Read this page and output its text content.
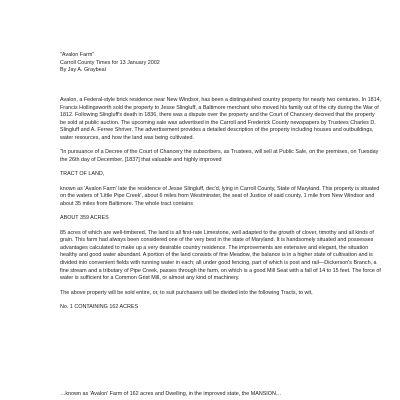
"Avalon Farm"
Carroll County Times for 13 January 2002
By Jay A. Graybeal

Avalon, a Federal-style brick residence near New Windsor, has been a distinguished country property for nearly two centuries. In 1814, Francis Hollingsworth sold the property to Jesse Slingluff, a Baltimore merchant who moved his family out of the city during the War of 1812. Following Slingluff's death in 1836, there was a dispute over the property and the Court of Chancery decreed that the property be sold at public auction. The upcoming sale was advertised in the Carroll and Frederick County newspapers by Trustees Charles D. Slingluff and A. Ferree Shriver. The advertisement provides a detailed description of the property including houses and outbuildings, water resources, and how the land was being cultivated.

"In pursuance of a Decree of the Court of Chancery the subscribers, as Trustees, will sell at Public Sale, on the premises, on Tuesday the 26th day of December, [1837] that valuable and highly improved

TRACT OF LAND,

known as 'Avalon Farm' late the residence of Jesse Slingluff, dec'd, lying in Carroll County, State of Maryland. This property is situated on the waters of 'Little Pipe Creek', about 6 miles from Westminster, the seat of Justice of said county, 1 mile from New Windsor and about 35 miles from Baltimore. The whole tract contains

ABOUT 359 ACRES

85 acres of which are well-timbered. The land is all first-rate Limestone, well adapted to the growth of clover, timothy and all kinds of grain. This farm had always been considered one of the very best in the state of Maryland. It is handsomely situated and possesses advantages calculated to make up a very desirable country residence. The improvements are extensive and elegant, the situation healthy and good water abundant. A portion of the land consists of fine Meadow, the balance is in a higher state of cultivation and is divided into convenient fields with running water in each; all under good fencing, part of which is post and rail—Dickerson's Branch, a fine stream and a tributary of Pipe Creek, passes through the farm, on which is a good Mill Seat with a fall of 14 to 15 feet. The force of water is sufficient for a Common Grist Mill, or almost any kind of machinery.

The above property will be sold entire, or, to suit purchasers will be divided into the following Tracts, to wit,

No. 1 CONTAINING 162 ACRES

…known as 'Avalon' Farm of 162 acres and Dwelling, in the improved state, the MANSION…
